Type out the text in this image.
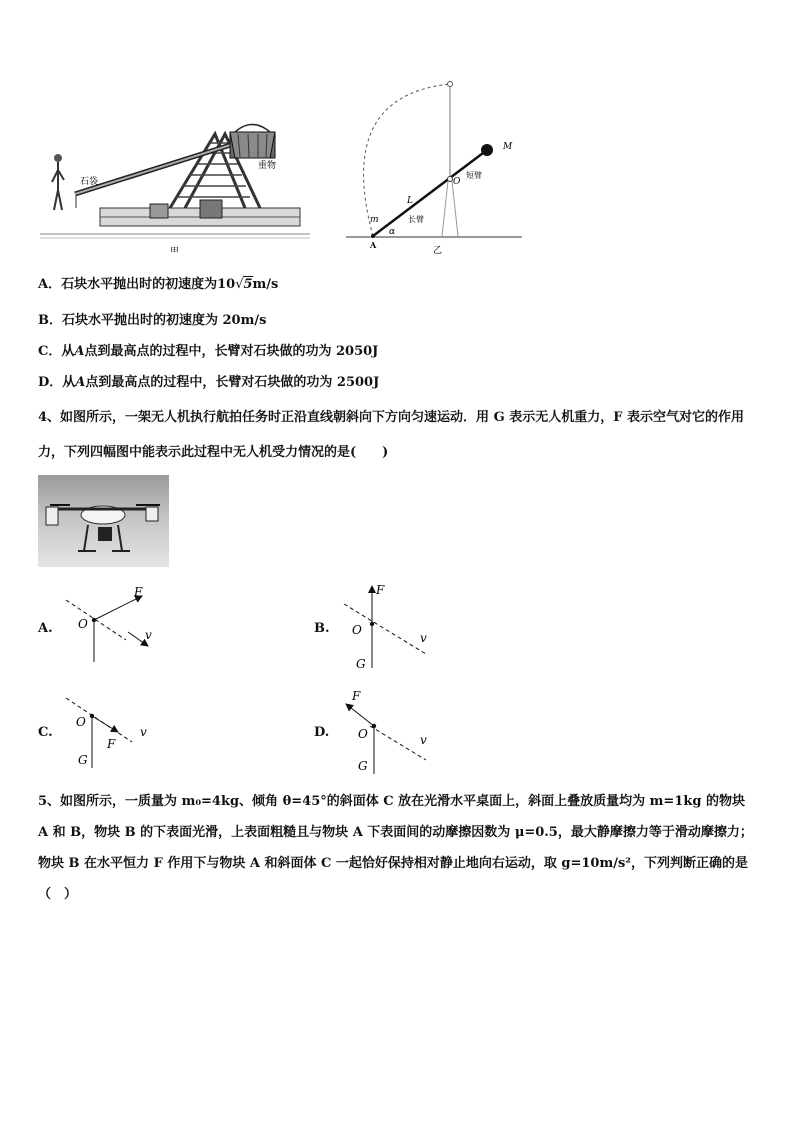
石袋
重物
甲
M
O
短臂
L
长臂
m
A
α
乙
A．石块水平抛出时的初速度为10√5m/s
B．石块水平抛出时的初速度为 20m/s
C．从A点到最高点的过程中，长臂对石块做的功为 2050J
D．从A点到最高点的过程中，长臂对石块做的功为 2500J
4、如图所示，一架无人机执行航拍任务时正沿直线朝斜向下方向匀速运动．用 G 表示无人机重力，F 表示空气对它的作用力，下列四幅图中能表示此过程中无人机受力情况的是(　　)
A.
F
O
v	B.
F
O
v
G
C.
O
v
F
G
D.
F
O	v
G
5、如图所示，一质量为 m₀=4kg、倾角 θ=45°的斜面体 C 放在光滑水平桌面上，斜面上叠放质量均为 m=1kg 的物块 A 和 B，物块 B 的下表面光滑，上表面粗糙且与物块 A 下表面间的动摩擦因数为 μ=0.5，最大静摩擦力等于滑动摩擦力；物块 B 在水平恒力 F 作用下与物块 A 和斜面体 C 一起恰好保持相对静止地向右运动，取 g=10m/s²，下列判断正确的是（　）
